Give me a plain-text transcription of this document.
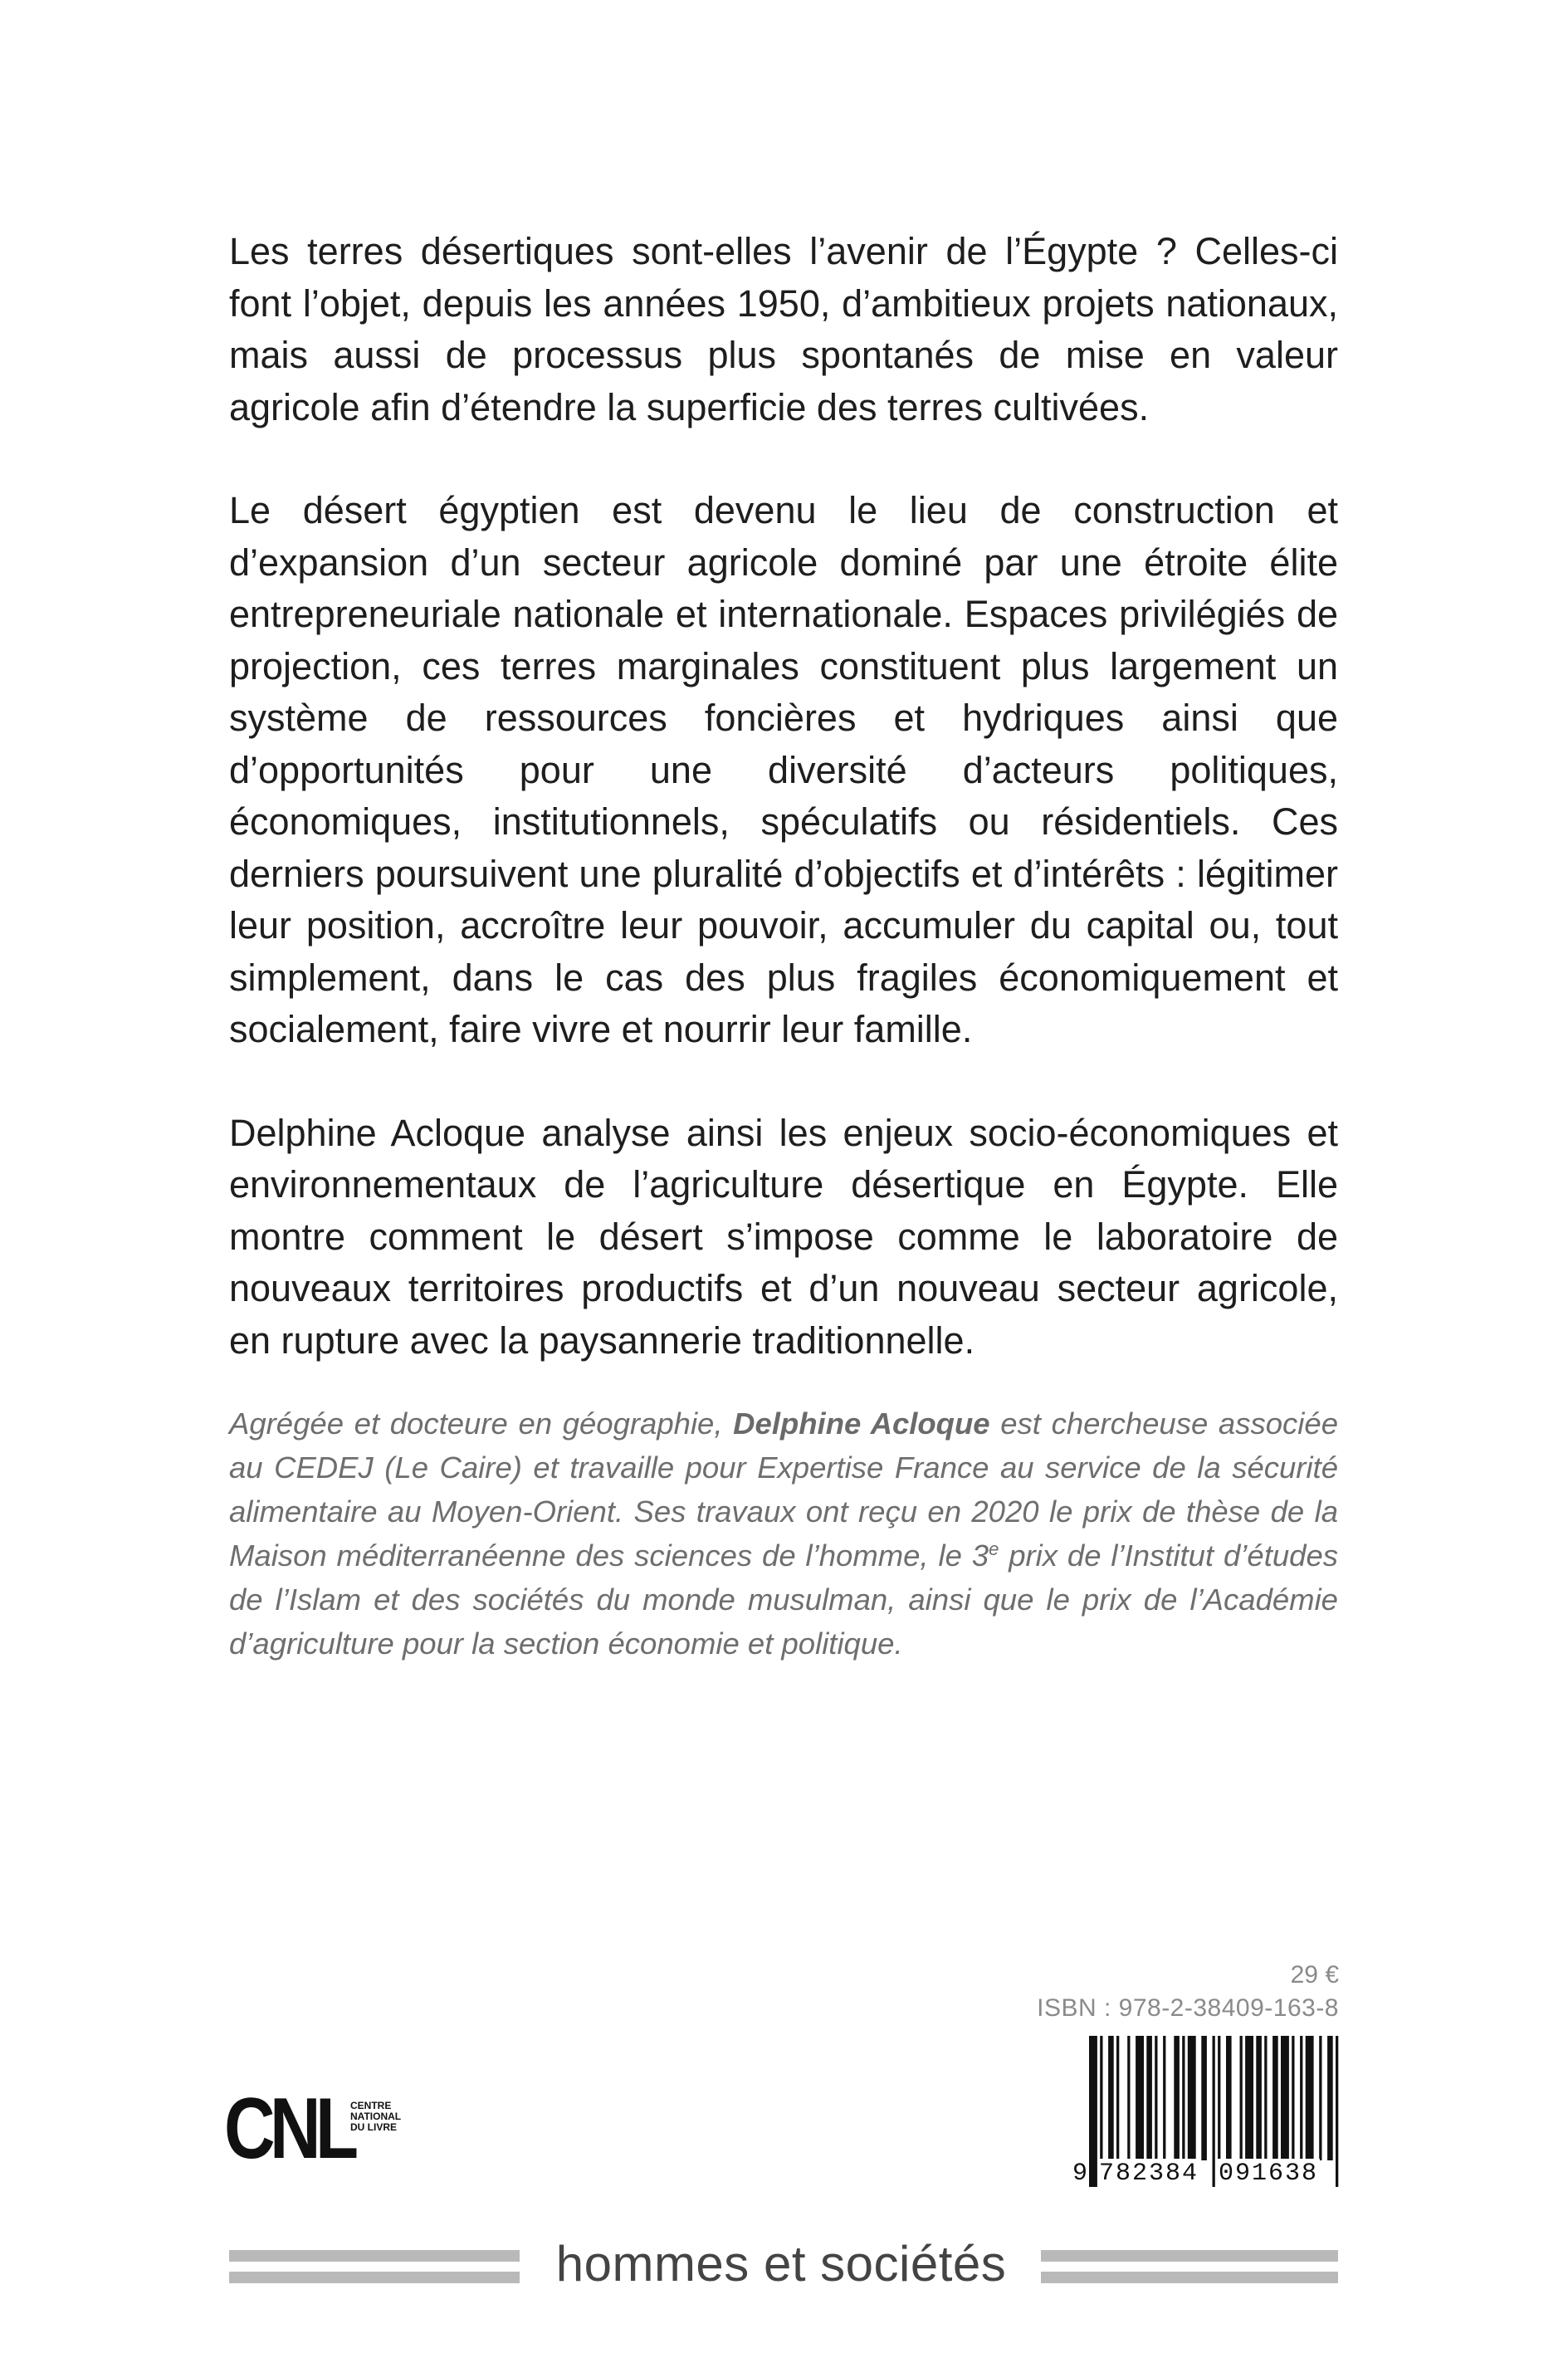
Les terres désertiques sont-elles l’avenir de l’Égypte ? Celles-ci font l’objet, depuis les années 1950, d’ambitieux projets nationaux, mais aussi de processus plus spontanés de mise en valeur agricole afin d’étendre la superficie des terres cultivées.

Le désert égyptien est devenu le lieu de construction et d’expansion d’un secteur agricole dominé par une étroite élite entrepreneuriale nationale et internationale. Espaces privilégiés de projection, ces terres marginales constituent plus largement un système de ressources foncières et hydriques ainsi que d’opportunités pour une diversité d’acteurs politiques, économiques, institutionnels, spéculatifs ou résidentiels. Ces derniers poursuivent une pluralité d’objectifs et d’intérêts : légitimer leur position, accroître leur pouvoir, accumuler du capital ou, tout simplement, dans le cas des plus fragiles économiquement et socialement, faire vivre et nourrir leur famille.

Delphine Acloque analyse ainsi les enjeux socio-économiques et environnementaux de l’agriculture désertique en Égypte. Elle montre comment le désert s’impose comme le laboratoire de nouveaux territoires productifs et d’un nouveau secteur agricole, en rupture avec la paysannerie traditionnelle.

Agrégée et docteure en géographie, Delphine Acloque est chercheuse associée au CEDEJ (Le Caire) et travaille pour Expertise France au service de la sécurité alimentaire au Moyen-Orient. Ses travaux ont reçu en 2020 le prix de thèse de la Maison méditerranéenne des sciences de l’homme, le 3e prix de l’Institut d’études de l’Islam et des sociétés du monde musulman, ainsi que le prix de l’Académie d’agriculture pour la section économie et politique.
29 €
ISBN : 978-2-38409-163-8
9 782384 091638
CNL
CENTRE
NATIONAL
DU LIVRE
hommes et sociétés
